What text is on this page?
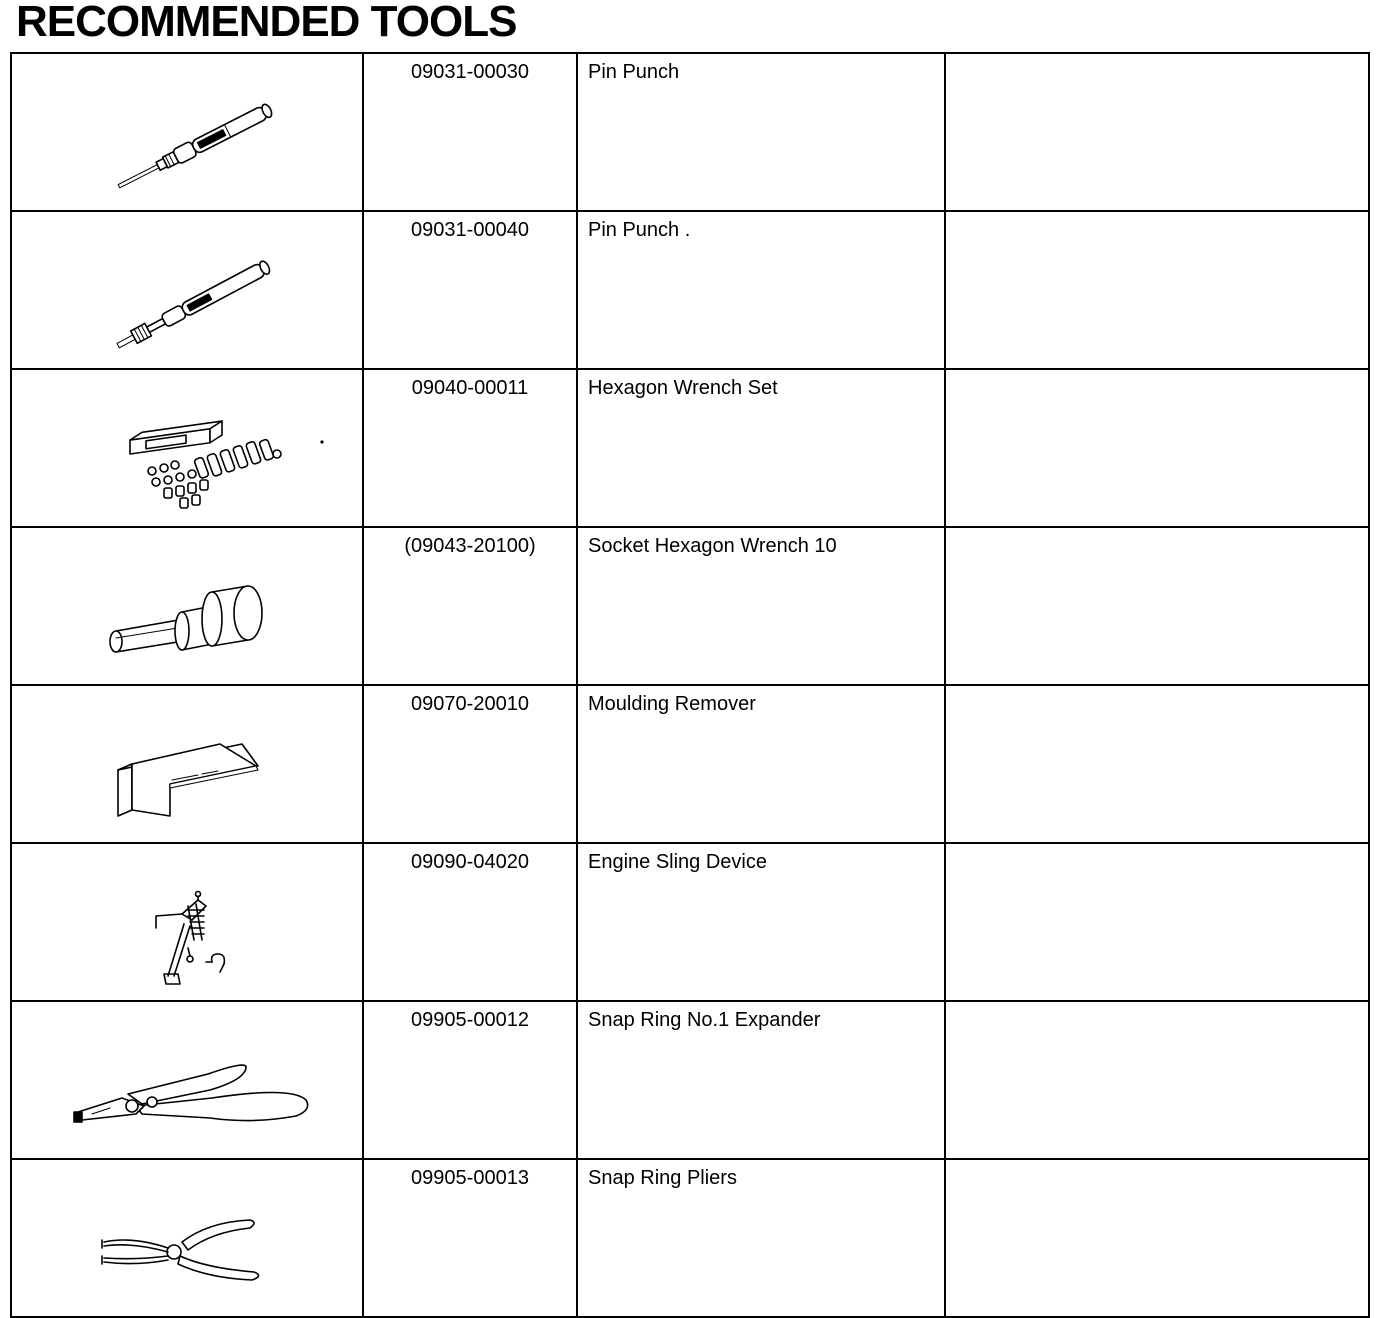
RECOMMENDED TOOLS

09031-00030	Pin Punch	

09031-00040	Pin Punch .	

09040-00011	Hexagon Wrench Set	

(09043-20100)	Socket Hexagon Wrench 10	

09070-20010	Moulding Remover	

09090-04020	Engine Sling Device	

09905-00012	Snap Ring No.1 Expander	

09905-00013	Snap Ring Pliers	
